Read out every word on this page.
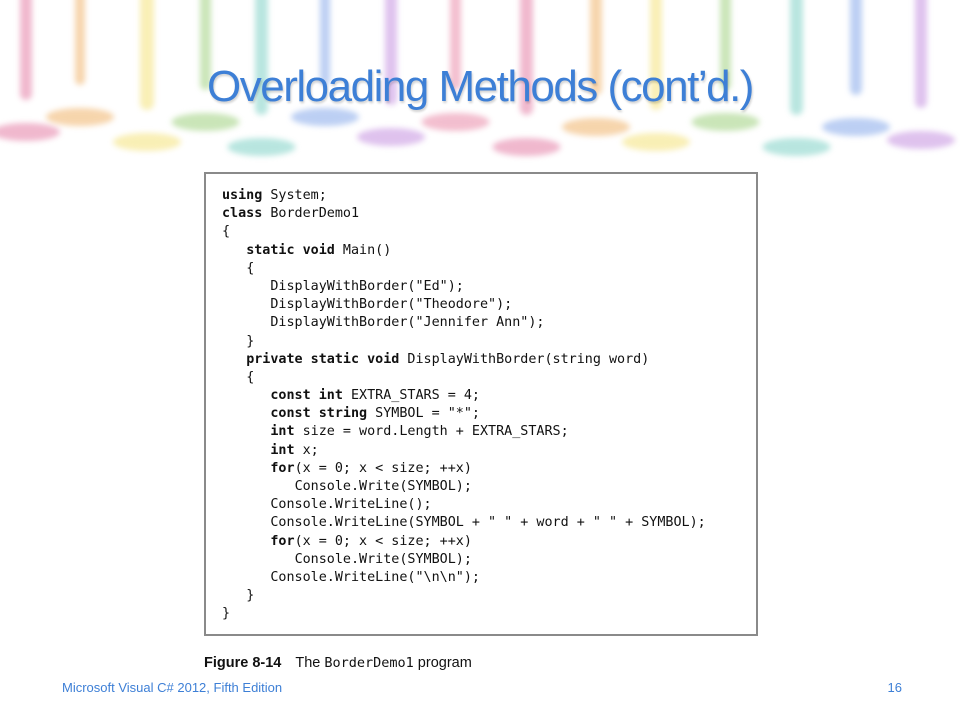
Overloading Methods (cont’d.)
using System;
class BorderDemo1
{
static void Main()
{
DisplayWithBorder("Ed");
DisplayWithBorder("Theodore");
DisplayWithBorder("Jennifer Ann");
}
private static void DisplayWithBorder(string word)
{
const int EXTRA_STARS = 4;
const string SYMBOL = "*";
int size = word.Length + EXTRA_STARS;
int x;
for(x = 0; x < size; ++x)
Console.Write(SYMBOL);
Console.WriteLine();
Console.WriteLine(SYMBOL + " " + word + " " + SYMBOL);
for(x = 0; x < size; ++x)
Console.Write(SYMBOL);
Console.WriteLine("\n\n");
}
}
Figure 8-14 The BorderDemo1 program
Microsoft Visual C# 2012, Fifth Edition	16
